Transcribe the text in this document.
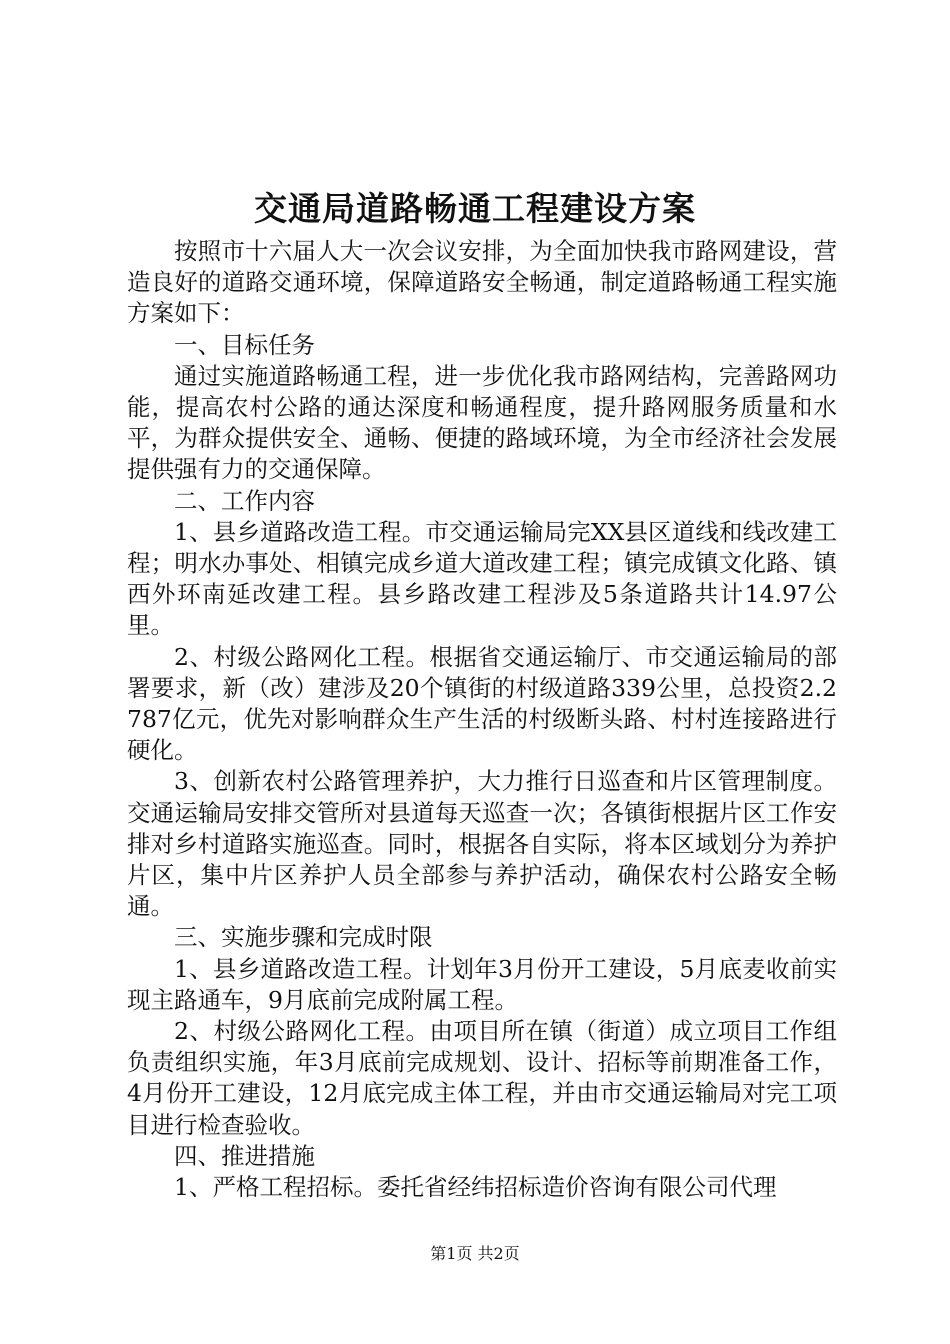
交通局道路畅通工程建设方案

按照市十六届人大一次会议安排，为全面加快我市路网建设，营造良好的道路交通环境，保障道路安全畅通，制定道路畅通工程实施方案如下：

一、目标任务

通过实施道路畅通工程，进一步优化我市路网结构，完善路网功能，提高农村公路的通达深度和畅通程度，提升路网服务质量和水平，为群众提供安全、通畅、便捷的路域环境，为全市经济社会发展提供强有力的交通保障。

二、工作内容

1、县乡道路改造工程。市交通运输局完XX县区道线和线改建工程；明水办事处、相镇完成乡道大道改建工程；镇完成镇文化路、镇西外环南延改建工程。县乡路改建工程涉及5条道路共计14.97公里。

2、村级公路网化工程。根据省交通运输厅、市交通运输局的部署要求，新（改）建涉及20个镇街的村级道路339公里，总投资2.2787亿元，优先对影响群众生产生活的村级断头路、村村连接路进行硬化。

3、创新农村公路管理养护，大力推行日巡查和片区管理制度。交通运输局安排交管所对县道每天巡查一次；各镇街根据片区工作安排对乡村道路实施巡查。同时，根据各自实际，将本区域划分为养护片区，集中片区养护人员全部参与养护活动，确保农村公路安全畅通。

三、实施步骤和完成时限

1、县乡道路改造工程。计划年3月份开工建设，5月底麦收前实现主路通车，9月底前完成附属工程。

2、村级公路网化工程。由项目所在镇（街道）成立项目工作组负责组织实施，年3月底前完成规划、设计、招标等前期准备工作，4月份开工建设，12月底完成主体工程，并由市交通运输局对完工项目进行检查验收。

四、推进措施

1、严格工程招标。委托省经纬招标造价咨询有限公司代理

第1页 共2页
